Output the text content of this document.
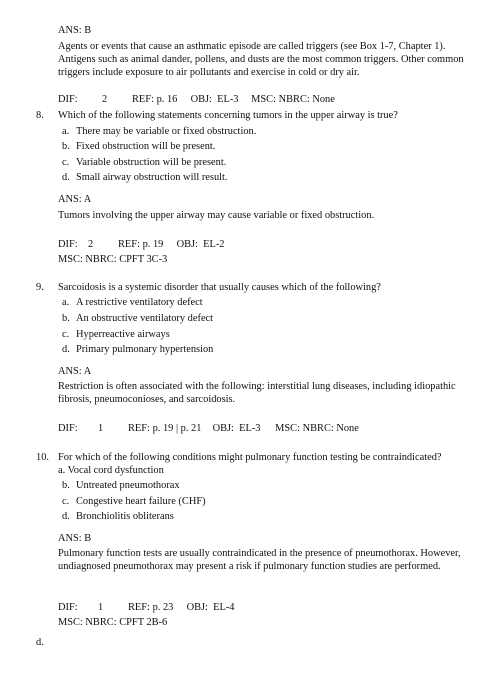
ANS: B
Agents or events that cause an asthmatic episode are called triggers (see Box 1-7, Chapter 1). Antigens such as animal dander, pollens, and dusts are the most common triggers. Other common triggers include exposure to air pollutants and exercise in cold or dry air.
DIF: 2 REF: p. 16 OBJ: EL-3 MSC: NBRC: None
8. Which of the following statements concerning tumors in the upper airway is true?
a. There may be variable or fixed obstruction.
b. Fixed obstruction will be present.
c. Variable obstruction will be present.
d. Small airway obstruction will result.
ANS: A
Tumors involving the upper airway may cause variable or fixed obstruction.
DIF: 2 REF: p. 19 OBJ: EL-2
MSC: NBRC: CPFT 3C-3
9. Sarcoidosis is a systemic disorder that usually causes which of the following?
a. A restrictive ventilatory defect
b. An obstructive ventilatory defect
c. Hyperreactive airways
d. Primary pulmonary hypertension
ANS: A
Restriction is often associated with the following: interstitial lung diseases, including idiopathic fibrosis, pneumoconioses, and sarcoidosis.
DIF: 1 REF: p. 19 | p. 21 OBJ: EL-3 MSC: NBRC: None
10. For which of the following conditions might pulmonary function testing be contraindicated?
a. Vocal cord dysfunction
b. Untreated pneumothorax
c. Congestive heart failure (CHF)
d. Bronchiolitis obliterans
ANS: B
Pulmonary function tests are usually contraindicated in the presence of pneumothorax. However, undiagnosed pneumothorax may present a risk if pulmonary function studies are performed.
DIF: 1 REF: p. 23 OBJ: EL-4
MSC: NBRC: CPFT 2B-6
d.
